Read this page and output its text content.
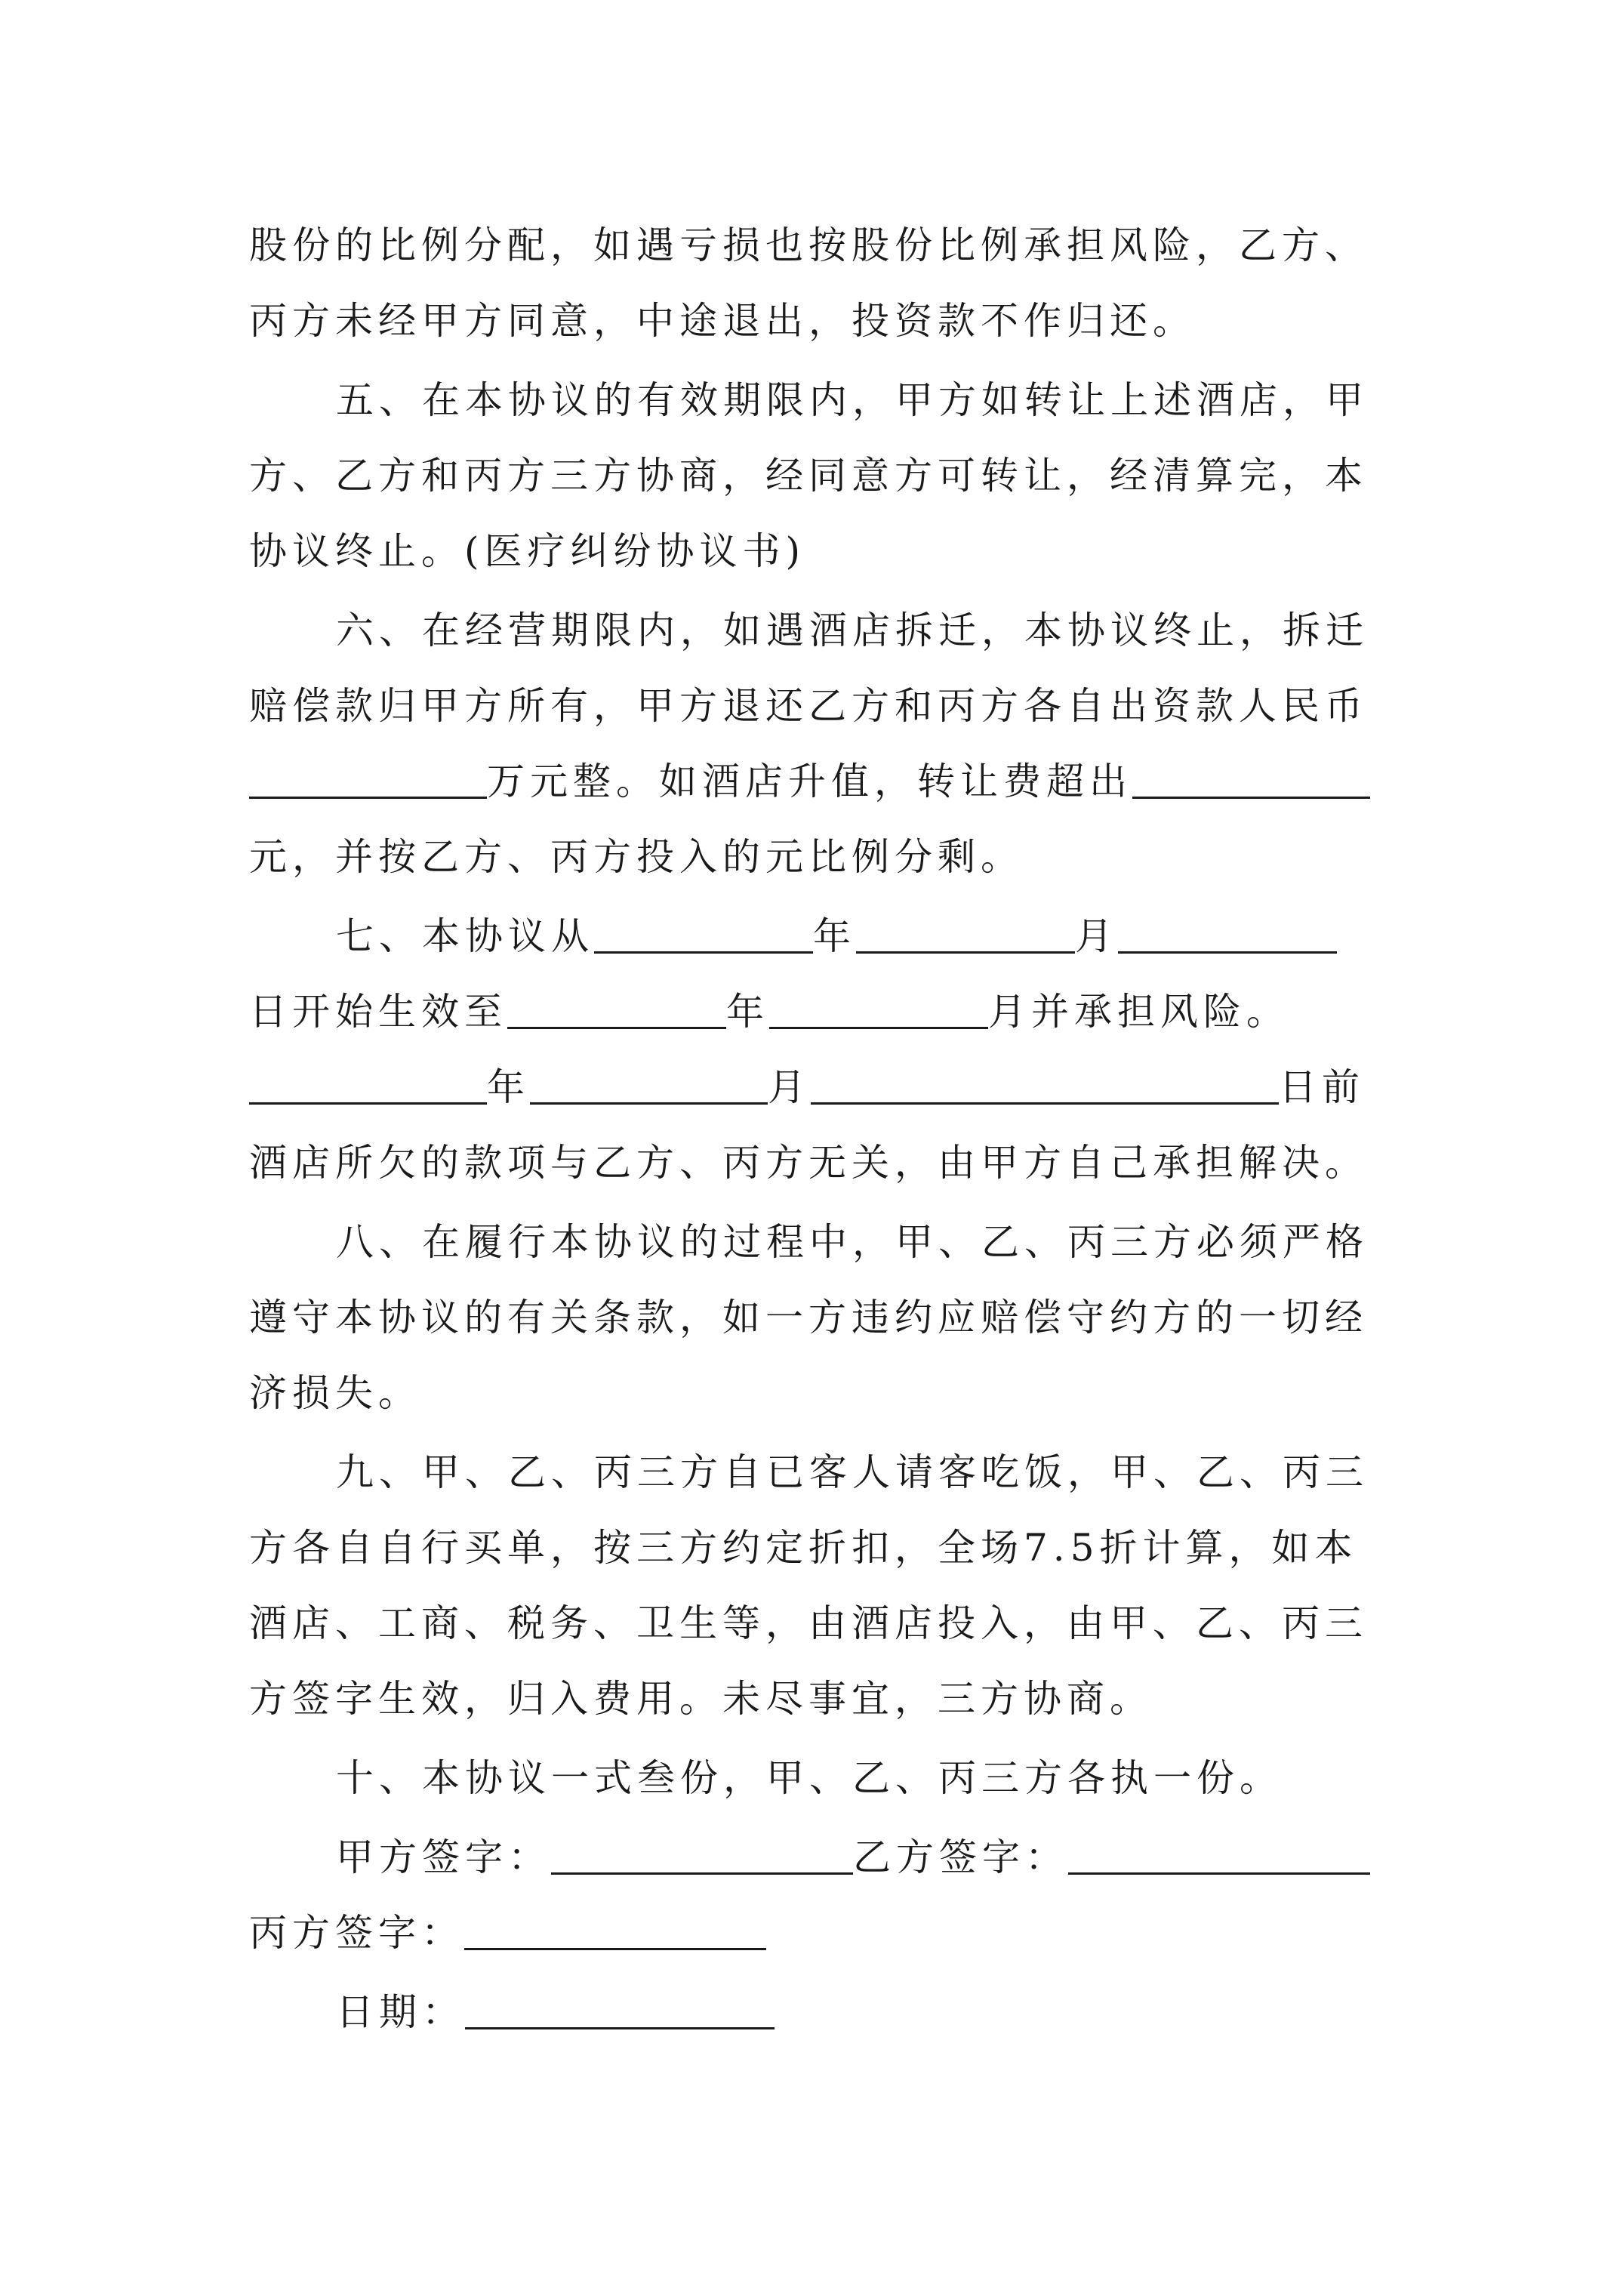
股份的比例分配，如遇亏损也按股份比例承担风险，乙方、
丙方未经甲方同意，中途退出，投资款不作归还。
五、在本协议的有效期限内，甲方如转让上述酒店，甲
方、乙方和丙方三方协商，经同意方可转让，经清算完，本
协议终止。(医疗纠纷协议书)
六、在经营期限内，如遇酒店拆迁，本协议终止，拆迁
赔偿款归甲方所有，甲方退还乙方和丙方各自出资款人民币
万元整。如酒店升值，转让费超出
元，并按乙方、丙方投入的元比例分剩。
七、本协议从	年	月
日开始生效至	年	月并承担风险。
年	月	日前
酒店所欠的款项与乙方、丙方无关，由甲方自己承担解决。
八、在履行本协议的过程中，甲、乙、丙三方必须严格
遵守本协议的有关条款，如一方违约应赔偿守约方的一切经
济损失。
九、甲、乙、丙三方自已客人请客吃饭，甲、乙、丙三
方各自自行买单，按三方约定折扣，全场7.5折计算，如本
酒店、工商、税务、卫生等，由酒店投入，由甲、乙、丙三
方签字生效，归入费用。未尽事宜，三方协商。
十、本协议一式叁份，甲、乙、丙三方各执一份。
甲方签字：	乙方签字：
丙方签字：
日期：
